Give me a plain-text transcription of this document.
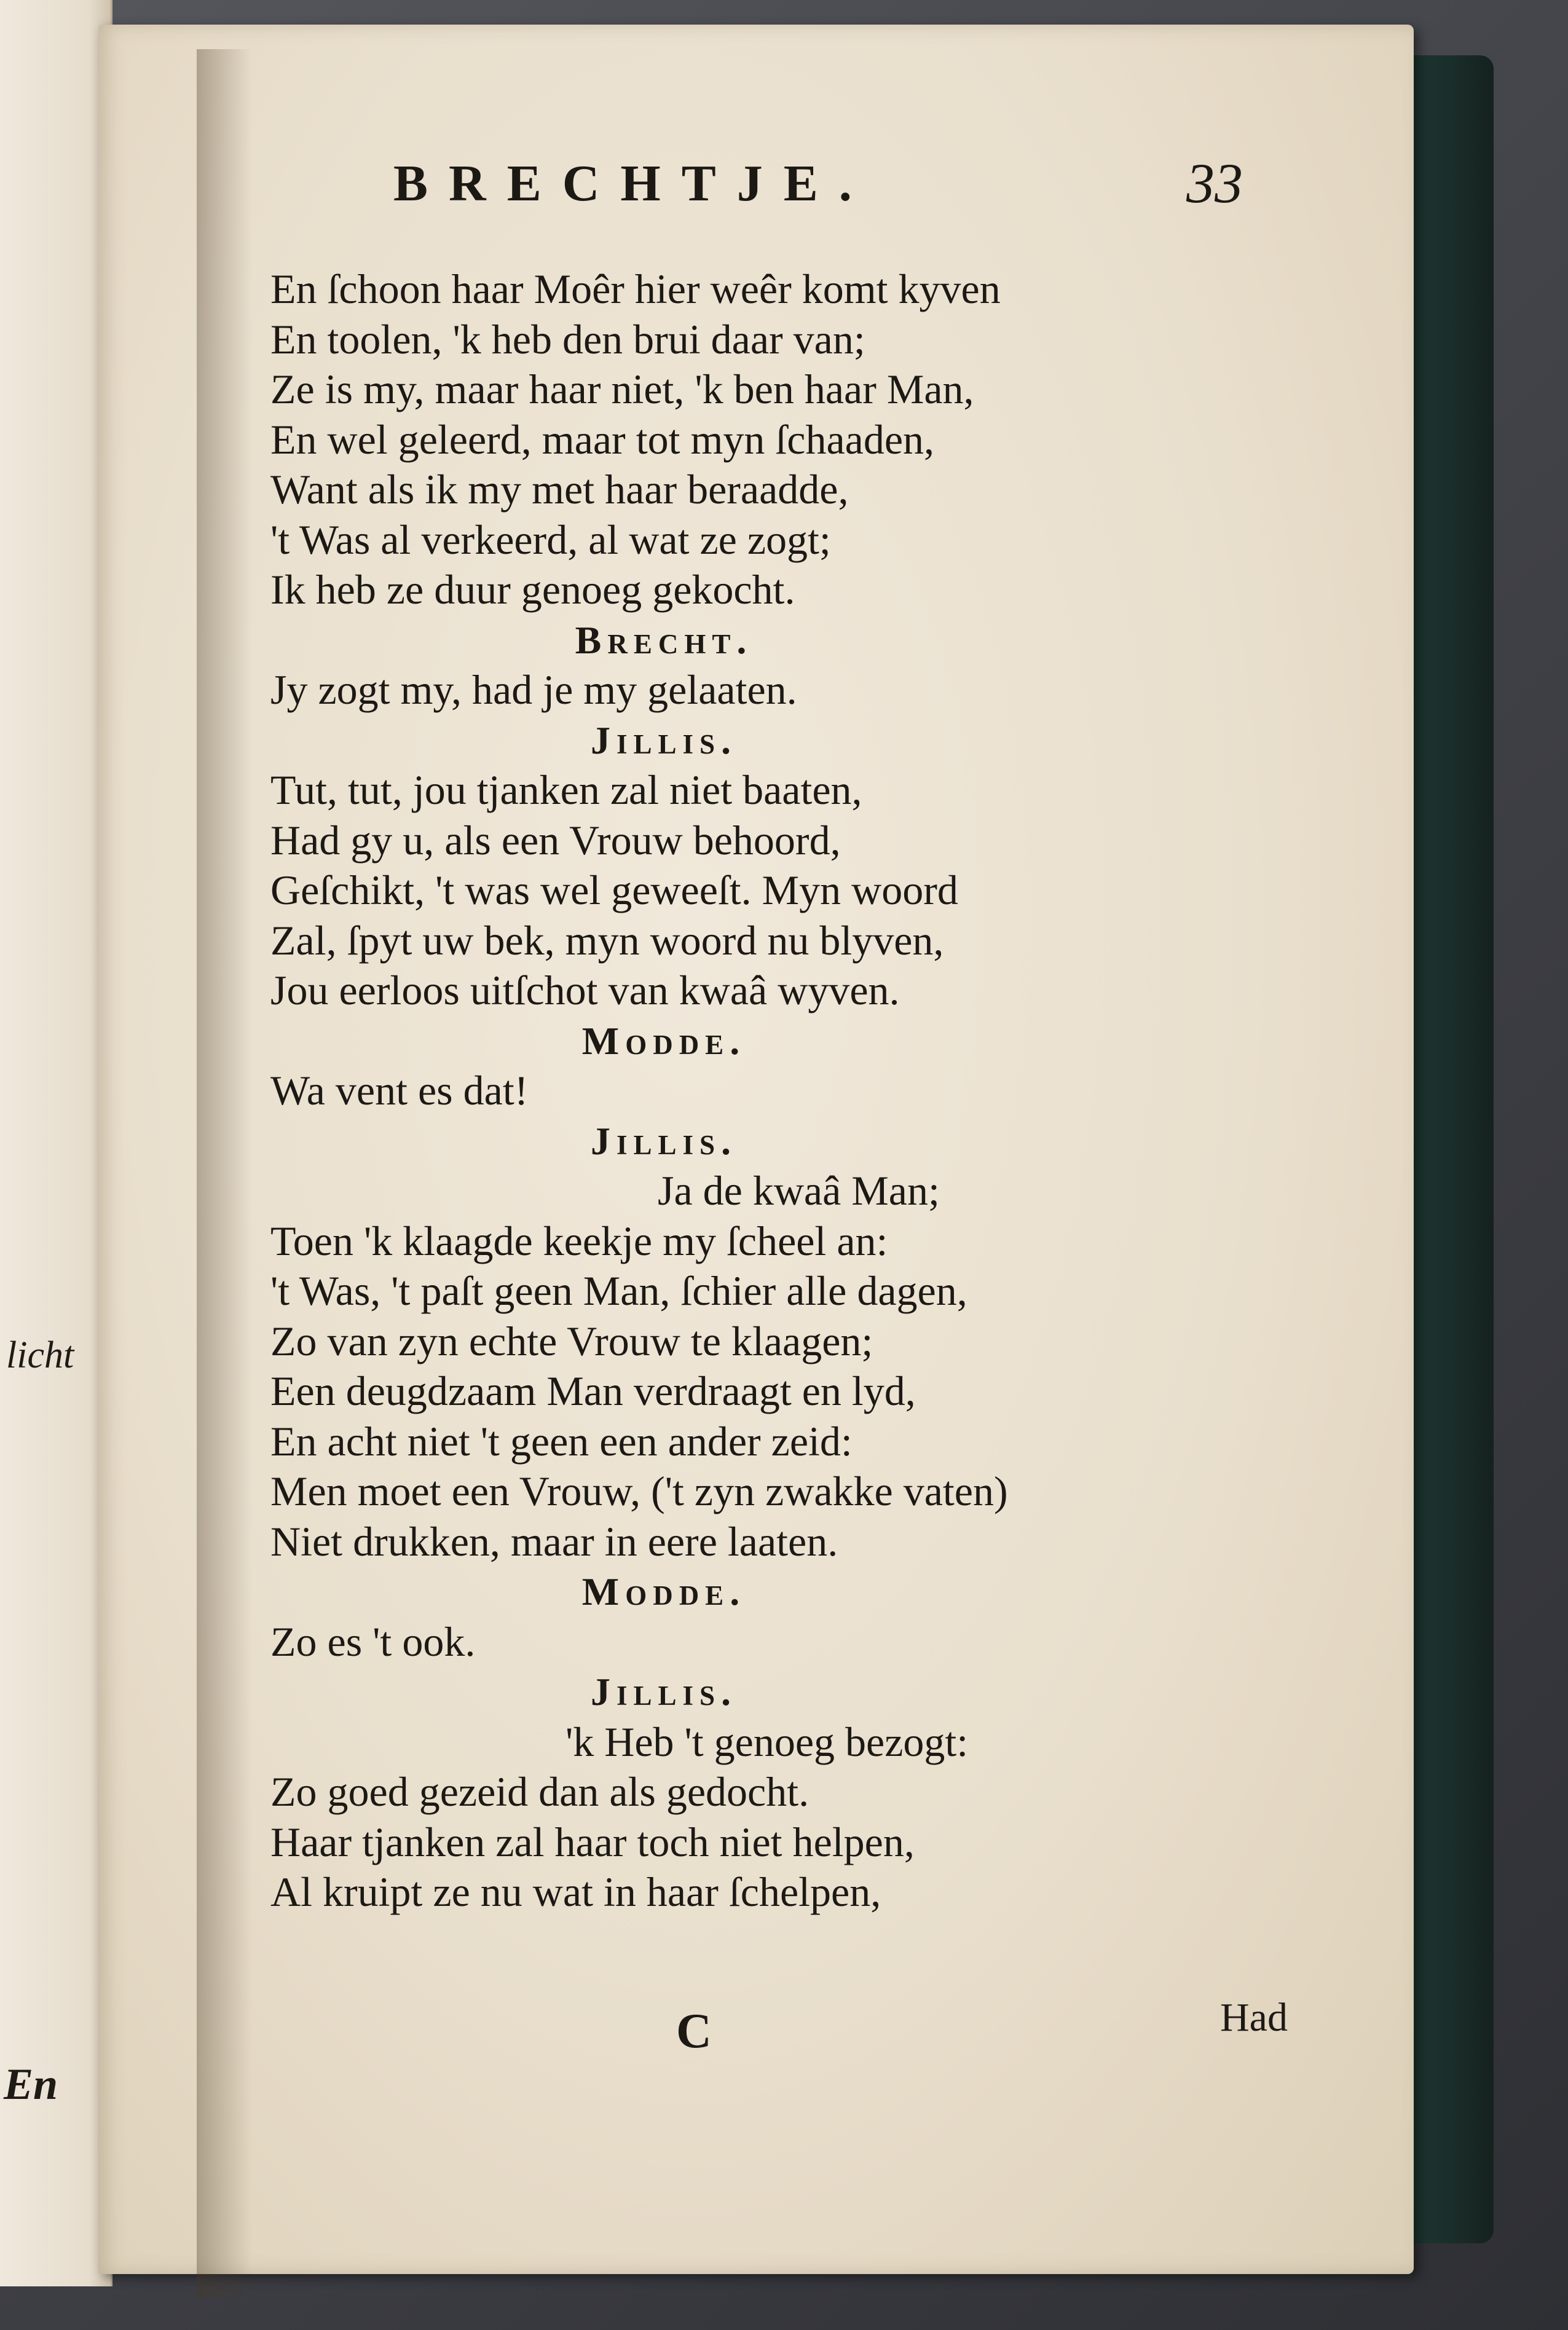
licht
En
BRECHTJE.	33
En ſchoon haar Moêr hier weêr komt kyven
En toolen, 'k heb den brui daar van;
Ze is my, maar haar niet, 'k ben haar Man,
En wel geleerd, maar tot myn ſchaaden,
Want als ik my met haar beraadde,
't Was al verkeerd, al wat ze zogt;
Ik heb ze duur genoeg gekocht.
Brecht.
Jy zogt my, had je my gelaaten.
Jillis.
Tut, tut, jou tjanken zal niet baaten,
Had gy u, als een Vrouw behoord,
Geſchikt, 't was wel geweeſt. Myn woord
Zal, ſpyt uw bek, myn woord nu blyven,
Jou eerloos uitſchot van kwaâ wyven.
Modde.
Wa vent es dat!
Jillis.
Ja de kwaâ Man;
Toen 'k klaagde keekje my ſcheel an:
't Was, 't paſt geen Man, ſchier alle dagen,
Zo van zyn echte Vrouw te klaagen;
Een deugdzaam Man verdraagt en lyd,
En acht niet 't geen een ander zeid:
Men moet een Vrouw, ('t zyn zwakke vaten)
Niet drukken, maar in eere laaten.
Modde.
Zo es 't ook.
Jillis.
'k Heb 't genoeg bezogt:
Zo goed gezeid dan als gedocht.
Haar tjanken zal haar toch niet helpen,
Al kruipt ze nu wat in haar ſchelpen,
C	Had
